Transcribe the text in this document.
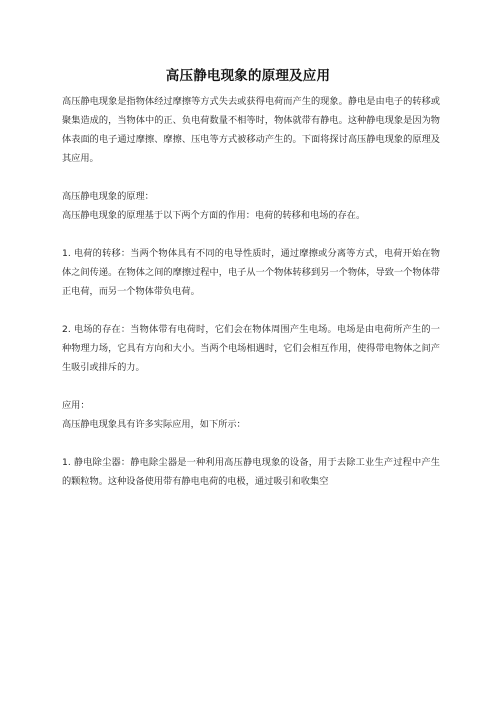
高压静电现象的原理及应用

高压静电现象是指物体经过摩擦等方式失去或获得电荷而产生的现象。静电是由电子的转移或聚集造成的，当物体中的正、负电荷数量不相等时，物体就带有静电。这种静电现象是因为物体表面的电子通过摩擦、摩擦、压电等方式被移动产生的。下面将探讨高压静电现象的原理及其应用。

高压静电现象的原理：

高压静电现象的原理基于以下两个方面的作用：电荷的转移和电场的存在。

1. 电荷的转移：当两个物体具有不同的电导性质时，通过摩擦或分离等方式，电荷开始在物体之间传递。在物体之间的摩擦过程中，电子从一个物体转移到另一个物体，导致一个物体带正电荷，而另一个物体带负电荷。

2. 电场的存在：当物体带有电荷时，它们会在物体周围产生电场。电场是由电荷所产生的一种物理力场，它具有方向和大小。当两个电场相遇时，它们会相互作用，使得带电物体之间产生吸引或排斥的力。

应用：

高压静电现象具有许多实际应用，如下所示：

1. 静电除尘器：静电除尘器是一种利用高压静电现象的设备，用于去除工业生产过程中产生的颗粒物。这种设备使用带有静电电荷的电极，通过吸引和收集空
